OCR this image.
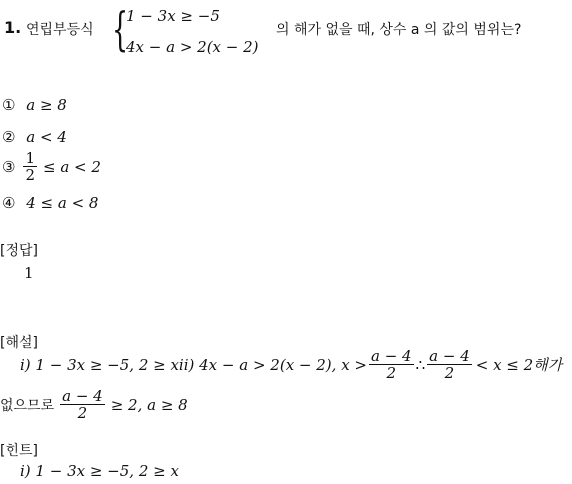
1. 연립부등식 {
1 − 3x ≥ −5
4x − a > 2(x − 2)
의 해가 없을 때, 상수 a 의 값의 범위는?
① a ≥ 8
② a < 4
③ $\frac{1}{2} \le a < 2$
④ 4 ≤ a < 8
[정답]
1
[해설]
i) 1 − 3x ≥ −5, 2 ≥ xii) 4x − a > 2(x − 2), $x > \frac{a - 4}{2}$ ∴ $\frac{a - 4}{2} < x \le 2$해가
없으므로 $\frac{a - 4}{2} \ge 2$, a ≥ 8
[힌트]
i) 1 − 3x ≥ −5, 2 ≥ x
